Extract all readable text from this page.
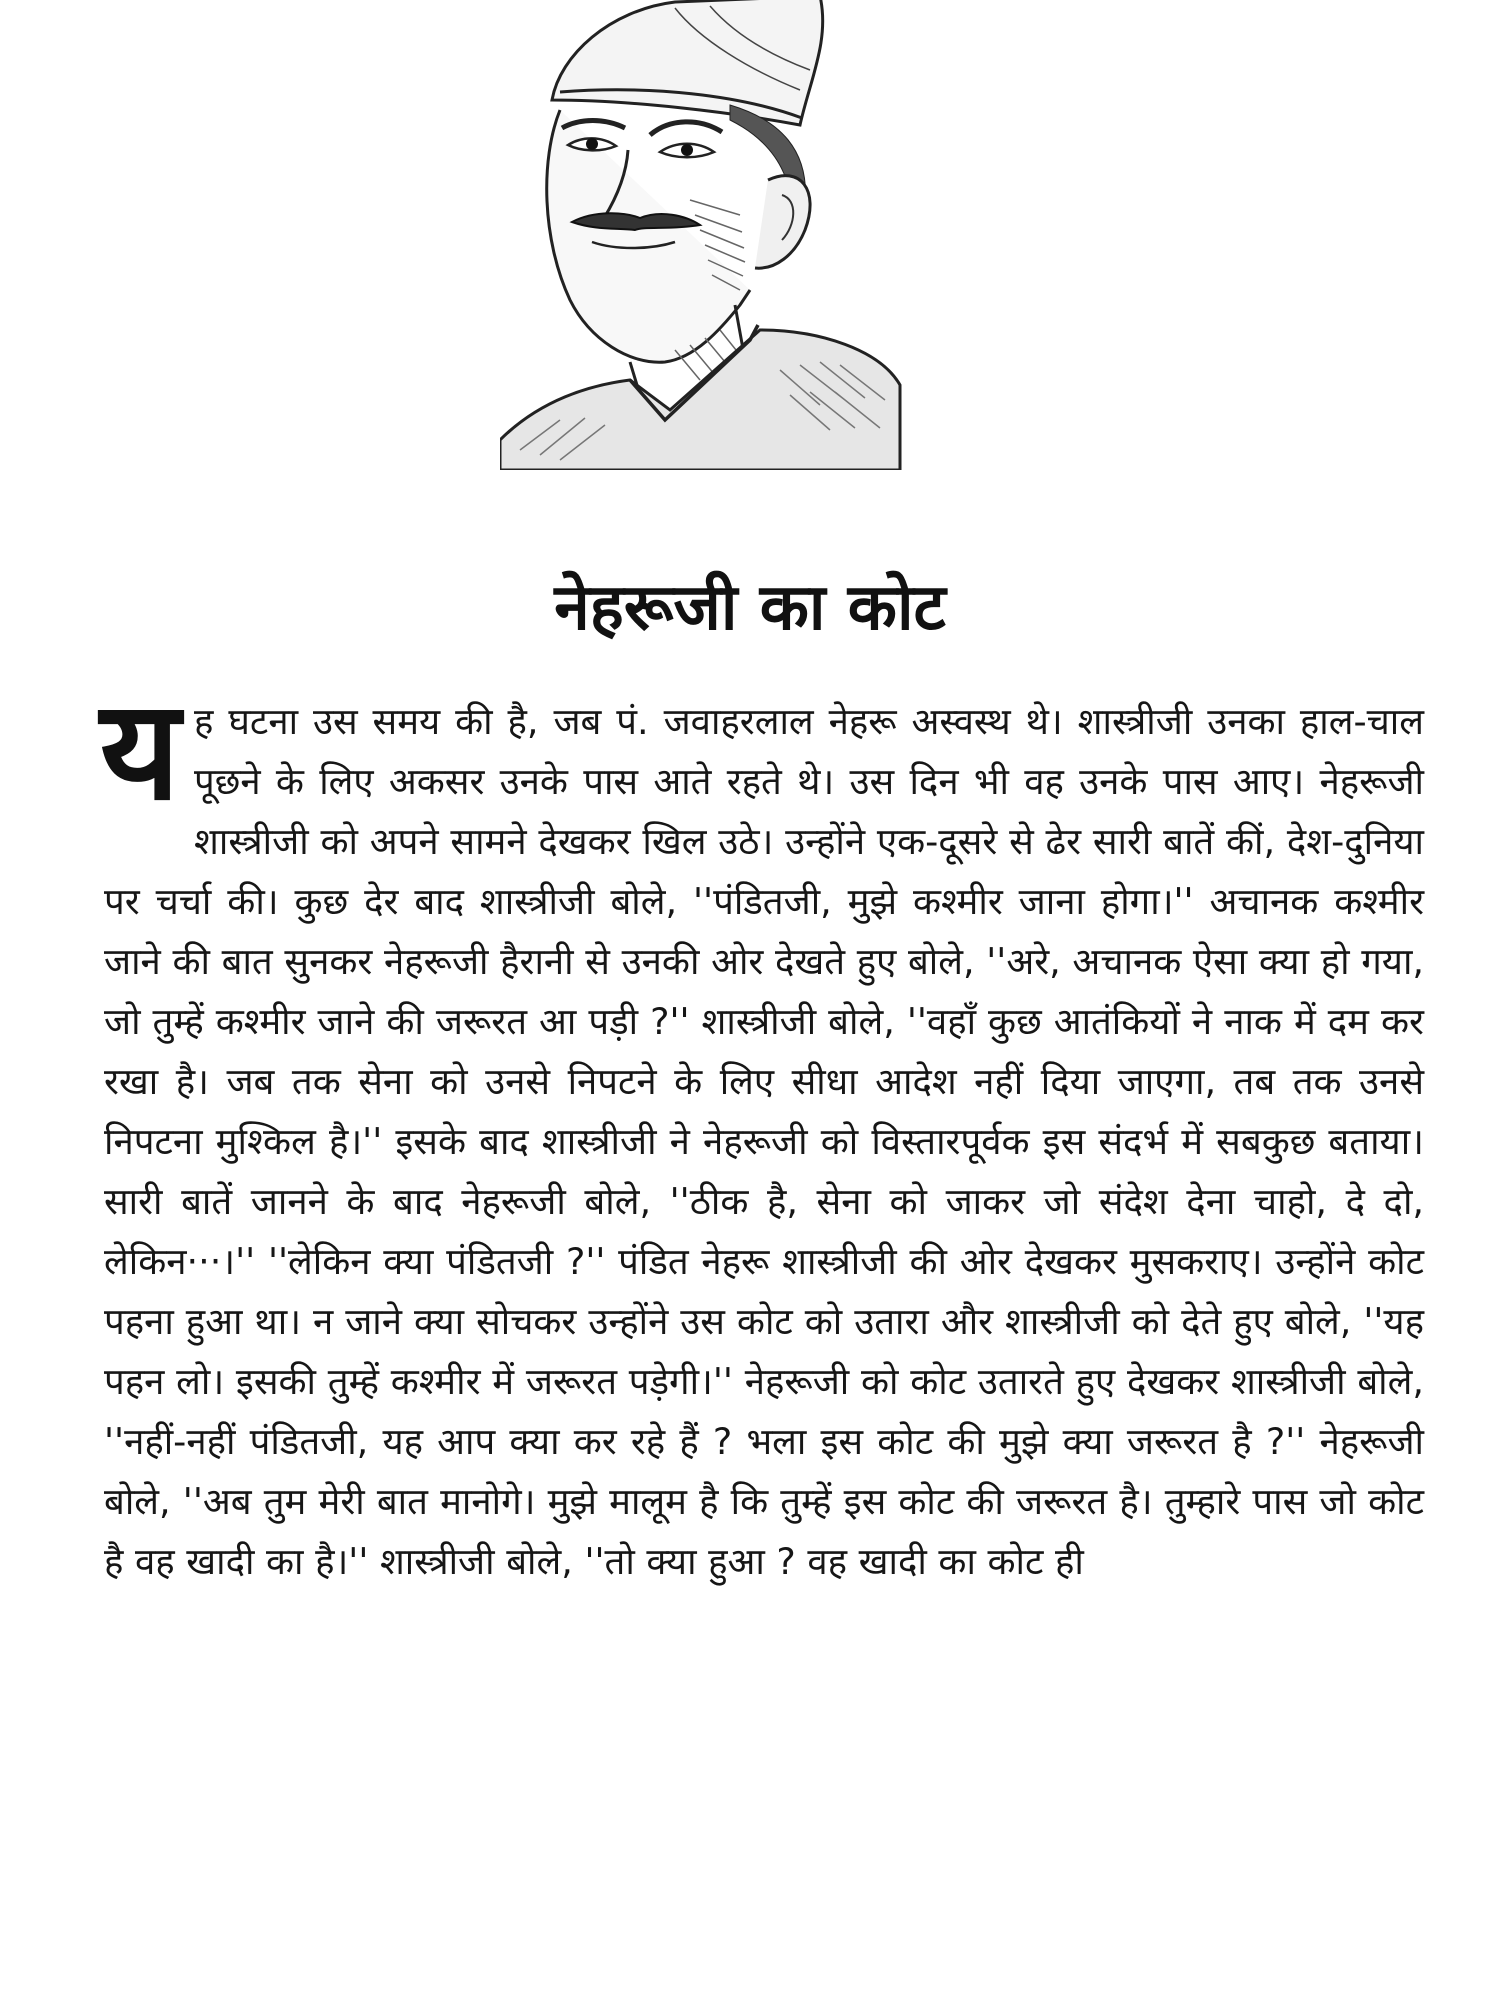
नेहरूजी का कोट
य ह घटना उस समय की है, जब पं. जवाहरलाल नेहरू अस्वस्थ थे। शास्त्रीजी उनका हाल-चाल पूछने के लिए अकसर उनके पास आते रहते थे। उस दिन भी वह उनके पास आए। नेहरूजी शास्त्रीजी को अपने सामने देखकर खिल उठे। उन्होंने एक-दूसरे से ढेर सारी बातें कीं, देश-दुनिया पर चर्चा की। कुछ देर बाद शास्त्रीजी बोले, ''पंडितजी, मुझे कश्मीर जाना होगा।'' अचानक कश्मीर जाने की बात सुनकर नेहरूजी हैरानी से उनकी ओर देखते हुए बोले, ''अरे, अचानक ऐसा क्या हो गया, जो तुम्हें कश्मीर जाने की जरूरत आ पड़ी ?'' शास्त्रीजी बोले, ''वहाँ कुछ आतंकियों ने नाक में दम कर रखा है। जब तक सेना को उनसे निपटने के लिए सीधा आदेश नहीं दिया जाएगा, तब तक उनसे निपटना मुश्किल है।'' इसके बाद शास्त्रीजी ने नेहरूजी को विस्तारपूर्वक इस संदर्भ में सबकुछ बताया। सारी बातें जानने के बाद नेहरूजी बोले, ''ठीक है, सेना को जाकर जो संदेश देना चाहो, दे दो, लेकिन···।'' ''लेकिन क्या पंडितजी ?'' पंडित नेहरू शास्त्रीजी की ओर देखकर मुसकराए। उन्होंने कोट पहना हुआ था। न जाने क्या सोचकर उन्होंने उस कोट को उतारा और शास्त्रीजी को देते हुए बोले, ''यह पहन लो। इसकी तुम्हें कश्मीर में जरूरत पड़ेगी।'' नेहरूजी को कोट उतारते हुए देखकर शास्त्रीजी बोले, ''नहीं-नहीं पंडितजी, यह आप क्या कर रहे हैं ? भला इस कोट की मुझे क्या जरूरत है ?'' नेहरूजी बोले, ''अब तुम मेरी बात मानोगे। मुझे मालूम है कि तुम्हें इस कोट की जरूरत है। तुम्हारे पास जो कोट है वह खादी का है।'' शास्त्रीजी बोले, ''तो क्या हुआ ? वह खादी का कोट ही
